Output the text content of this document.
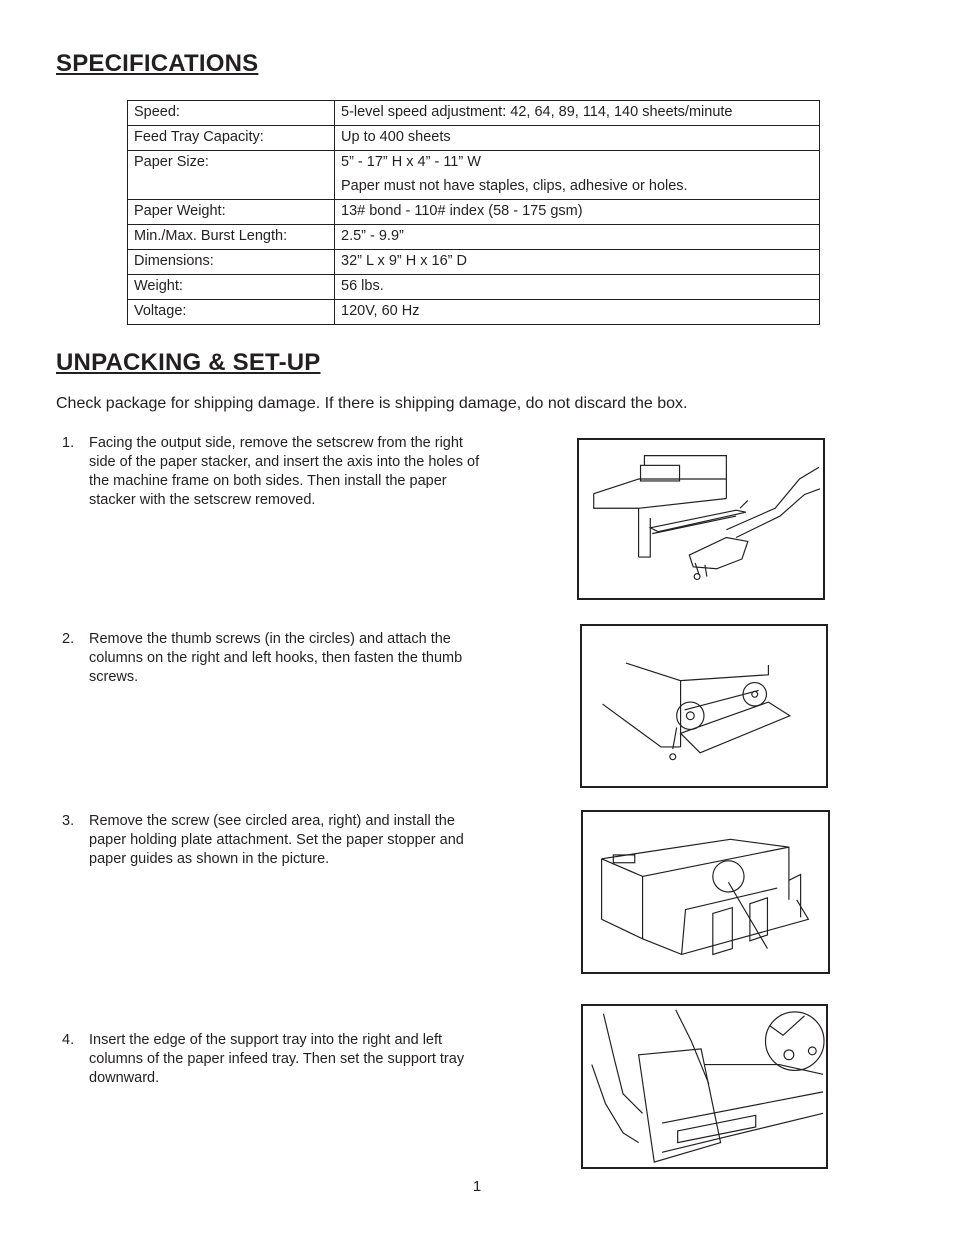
SPECIFICATIONS
Speed:	5-level speed adjustment: 42, 64, 89, 114, 140 sheets/minute
Feed Tray Capacity:	Up to 400 sheets
Paper Size:	5” - 17” H x 4” - 11” W
Paper must not have staples, clips, adhesive or holes.

Paper Weight:	13# bond - 110# index (58 - 175 gsm)
Min./Max. Burst Length:	2.5” - 9.9”
Dimensions:	32” L x 9” H x 16” D
Weight:	56 lbs.
Voltage:	120V, 60 Hz
UNPACKING & SET-UP
Check package for shipping damage. If there is shipping damage, do not discard the box.
1. Facing the output side, remove the setscrew from the right side of the paper stacker, and insert the axis into the holes of the machine frame on both sides. Then install the paper stacker with the setscrew removed.
2. Remove the thumb screws (in the circles) and attach the columns on the right and left hooks, then fasten the thumb screws.
3. Remove the screw (see circled area, right) and install the paper holding plate attachment. Set the paper stopper and paper guides as shown in the picture.
4. Insert the edge of the support tray into the right and left columns of the paper infeed tray. Then set the support tray downward.
1
